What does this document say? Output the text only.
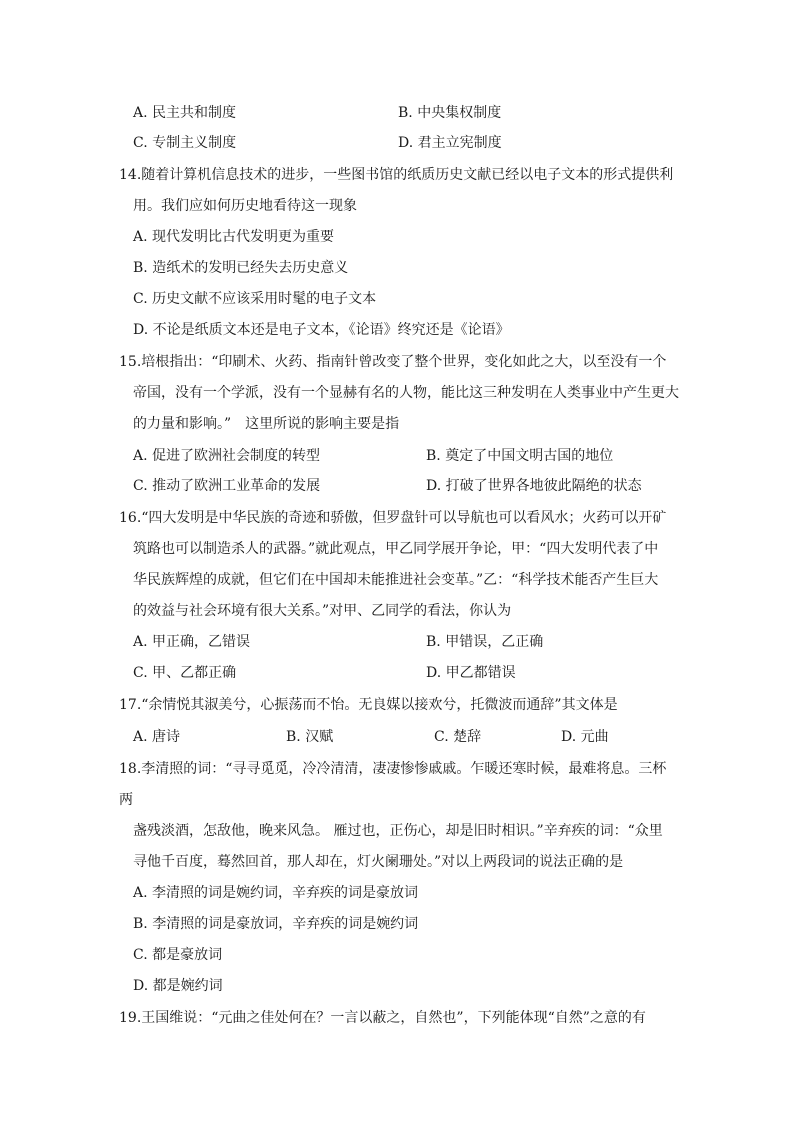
A. 民主共和制度	B. 中央集权制度
C. 专制主义制度	D. 君主立宪制度
14.随着计算机信息技术的进步，一些图书馆的纸质历史文献已经以电子文本的形式提供利
用。我们应如何历史地看待这一现象
A. 现代发明比古代发明更为重要
B. 造纸术的发明已经失去历史意义
C. 历史文献不应该采用时髦的电子文本
D. 不论是纸质文本还是电子文本，《论语》终究还是《论语》
15.培根指出：“印刷术、火药、指南针曾改变了整个世界，变化如此之大，以至没有一个
帝国，没有一个学派，没有一个显赫有名的人物，能比这三种发明在人类事业中产生更大
的力量和影响。”　这里所说的影响主要是指
A. 促进了欧洲社会制度的转型	B. 奠定了中国文明古国的地位
C. 推动了欧洲工业革命的发展	D. 打破了世界各地彼此隔绝的状态
16.“四大发明是中华民族的奇迹和骄傲，但罗盘针可以导航也可以看风水；火药可以开矿
筑路也可以制造杀人的武器。”就此观点，甲乙同学展开争论，甲：“四大发明代表了中
华民族辉煌的成就，但它们在中国却未能推进社会变革。”乙：“科学技术能否产生巨大
的效益与社会环境有很大关系。”对甲、乙同学的看法，你认为
A. 甲正确，乙错误	B. 甲错误，乙正确
C. 甲、乙都正确	D. 甲乙都错误
17.“余情悦其淑美兮，心振荡而不怡。无良媒以接欢兮，托微波而通辞”其文体是
A. 唐诗	B. 汉赋	C. 楚辞	D. 元曲
18.李清照的词：“寻寻觅觅，冷冷清清，凄凄惨惨戚戚。乍暖还寒时候，最难将息。三杯
两
盏残淡酒，怎敌他，晚来风急。 雁过也，正伤心，却是旧时相识。”辛弃疾的词：“众里
寻他千百度，蓦然回首，那人却在，灯火阑珊处。”对以上两段词的说法正确的是
A. 李清照的词是婉约词，辛弃疾的词是豪放词
B. 李清照的词是豪放词，辛弃疾的词是婉约词
C. 都是豪放词
D. 都是婉约词
19.王国维说：“元曲之佳处何在？一言以蔽之，自然也”，下列能体现“自然”之意的有
